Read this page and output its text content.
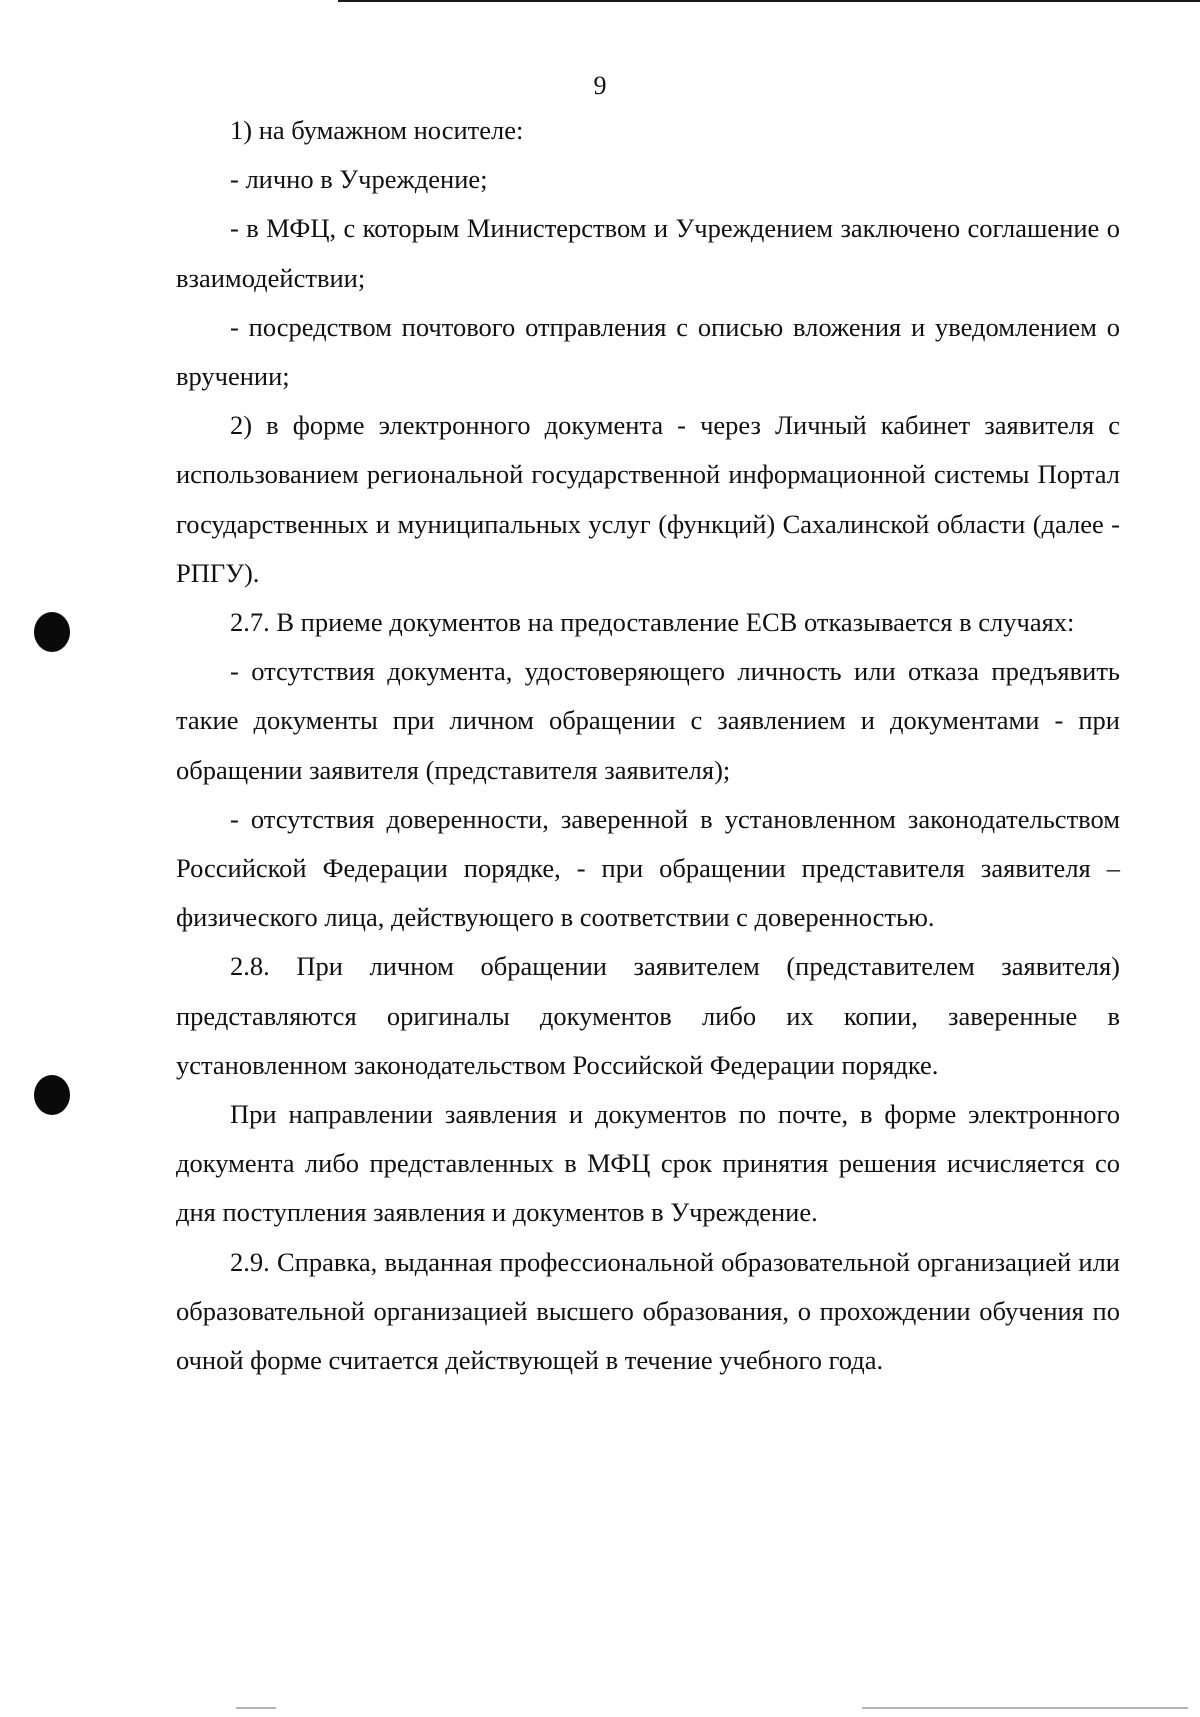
9

1) на бумажном носителе:

- лично в Учреждение;

- в МФЦ, с которым Министерством и Учреждением заключено соглашение о взаимодействии;

- посредством почтового отправления с описью вложения и уведомлением о вручении;

2) в форме электронного документа - через Личный кабинет заявителя с использованием региональной государственной информационной системы Портал государственных и муниципальных услуг (функций) Сахалинской области (далее - РПГУ).

2.7. В приеме документов на предоставление ЕСВ отказывается в случаях:

- отсутствия документа, удостоверяющего личность или отказа предъявить такие документы при личном обращении с заявлением и документами - при обращении заявителя (представителя заявителя);

- отсутствия доверенности, заверенной в установленном законодательством Российской Федерации порядке, - при обращении представителя заявителя – физического лица, действующего в соответствии с доверенностью.

2.8. При личном обращении заявителем (представителем заявителя) представляются оригиналы документов либо их копии, заверенные в установленном законодательством Российской Федерации порядке.

При направлении заявления и документов по почте, в форме электронного документа либо представленных в МФЦ срок принятия решения исчисляется со дня поступления заявления и документов в Учреждение.

2.9. Справка, выданная профессиональной образовательной организацией или образовательной организацией высшего образования, о прохождении обучения по очной форме считается действующей в течение учебного года.
